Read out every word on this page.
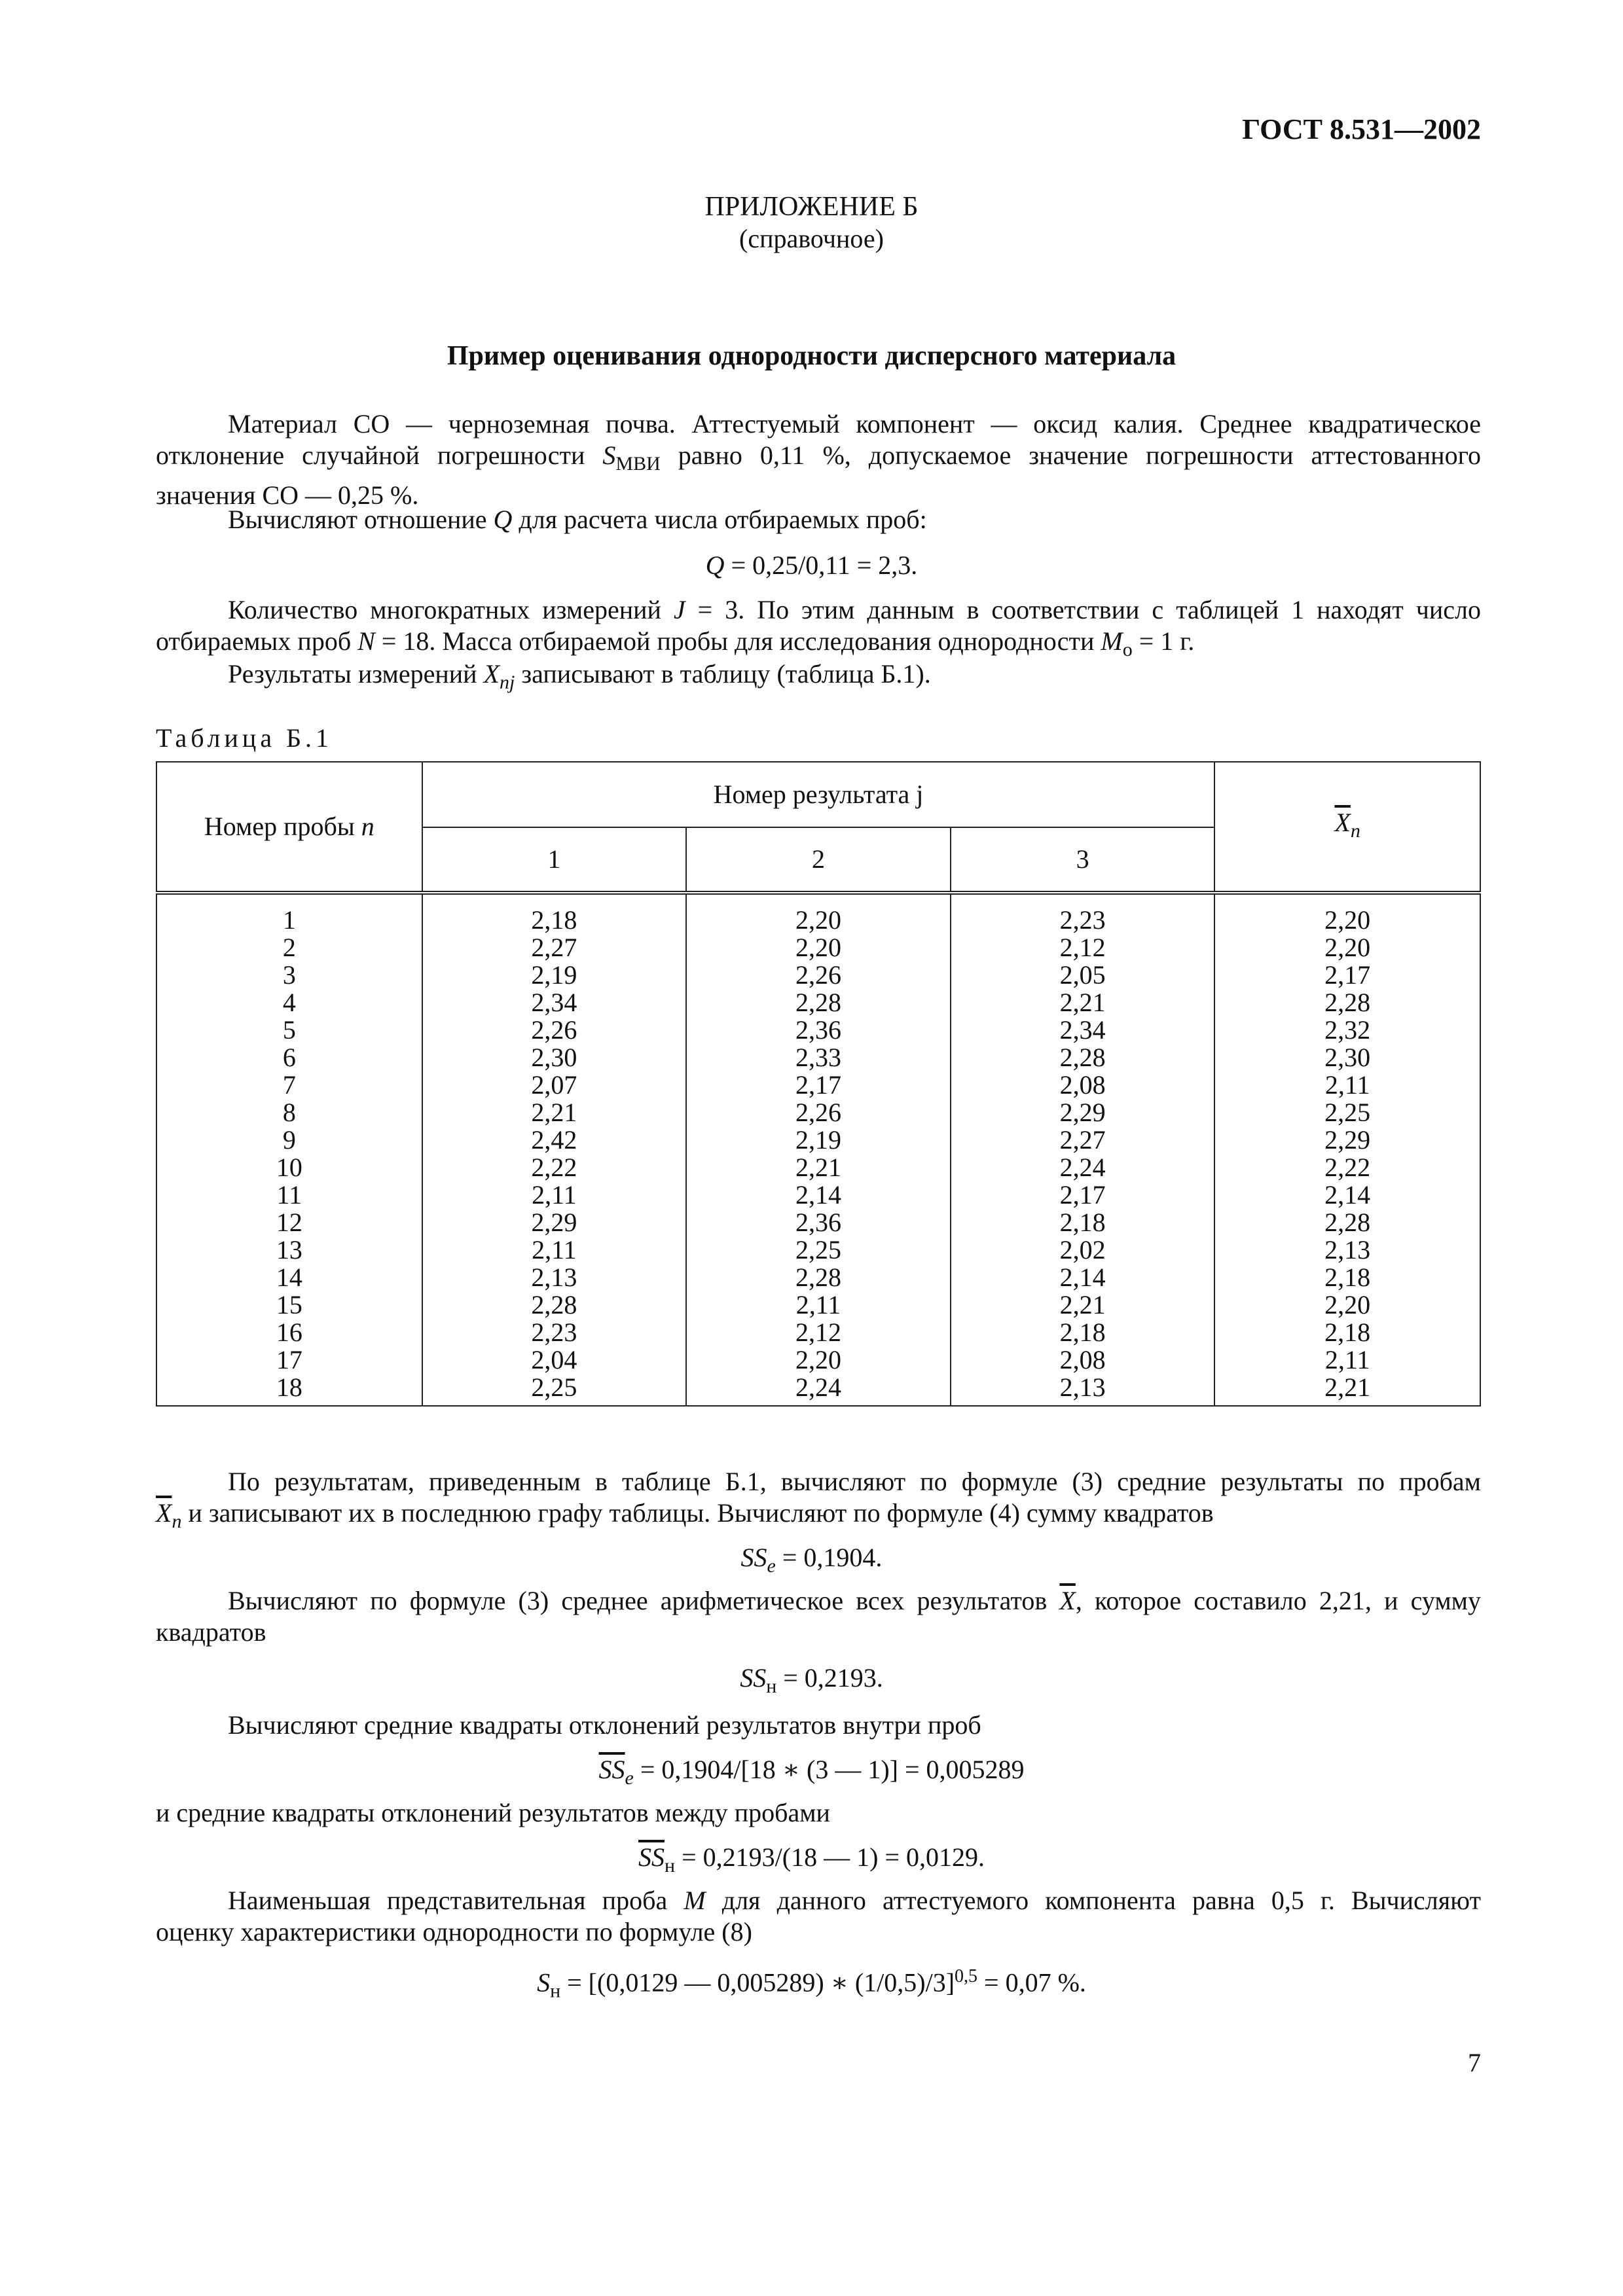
ГОСТ 8.531—2002
ПРИЛОЖЕНИЕ Б
(справочное)
Пример оценивания однородности дисперсного материала
Материал СО — черноземная почва. Аттестуемый компонент — оксид калия. Среднее квадратическое
отклонение случайной погрешности $S_{МВИ}$ равно 0,11 %, допускаемое значение погрешности аттестованного
значения СО — 0,25 %.
Вычисляют отношение Q для расчета числа отбираемых проб:
Q = 0,25/0,11 = 2,3.
Количество многократных измерений J = 3. По этим данным в соответствии с таблицей 1 находят число
отбираемых проб N = 18. Масса отбираемой пробы для исследования однородности $M_о = 1$ г.
Результаты измерений $X_{nj}$ записывают в таблицу (таблица Б.1).
Таблица Б.1
Номер пробы n	Номер результата j			$\overline{X}_n$
	1	2	3	
1	2,18	2,20	2,23	2,20
2	2,27	2,20	2,12	2,20
3	2,19	2,26	2,05	2,17
4	2,34	2,28	2,21	2,28
5	2,26	2,36	2,34	2,32
6	2,30	2,33	2,28	2,30
7	2,07	2,17	2,08	2,11
8	2,21	2,26	2,29	2,25
9	2,42	2,19	2,27	2,29
10	2,22	2,21	2,24	2,22
11	2,11	2,14	2,17	2,14
12	2,29	2,36	2,18	2,28
13	2,11	2,25	2,02	2,13
14	2,13	2,28	2,14	2,18
15	2,28	2,11	2,21	2,20
16	2,23	2,12	2,18	2,18
17	2,04	2,20	2,08	2,11
18	2,25	2,24	2,13	2,21
По результатам, приведенным в таблице Б.1, вычисляют по формуле (3) средние результаты по пробам
$\overline{X}_n$ и записывают их в последнюю графу таблицы. Вычисляют по формуле (4) сумму квадратов
$SS_e = 0,1904$.
Вычисляют по формуле (3) среднее арифметическое всех результатов $\overline{X}$, которое составило 2,21, и сумму
квадратов
$SS_н = 0,2193$.
Вычисляют средние квадраты отклонений результатов внутри проб
$\overline{SS}_e = 0,1904/[18$ ∗ (3 — 1)] = 0,005289
и средние квадраты отклонений результатов между пробами
$\overline{SS}_н = 0,2193/(18$ — 1) = 0,0129.
Наименьшая представительная проба M для данного аттестуемого компонента равна 0,5 г. Вычисляют
оценку характеристики однородности по формуле (8)
$S_н = [(0,0129$ — 0,005289) ∗ (1/0,5)/3]$^{0,5}$ = 0,07 %.
7
